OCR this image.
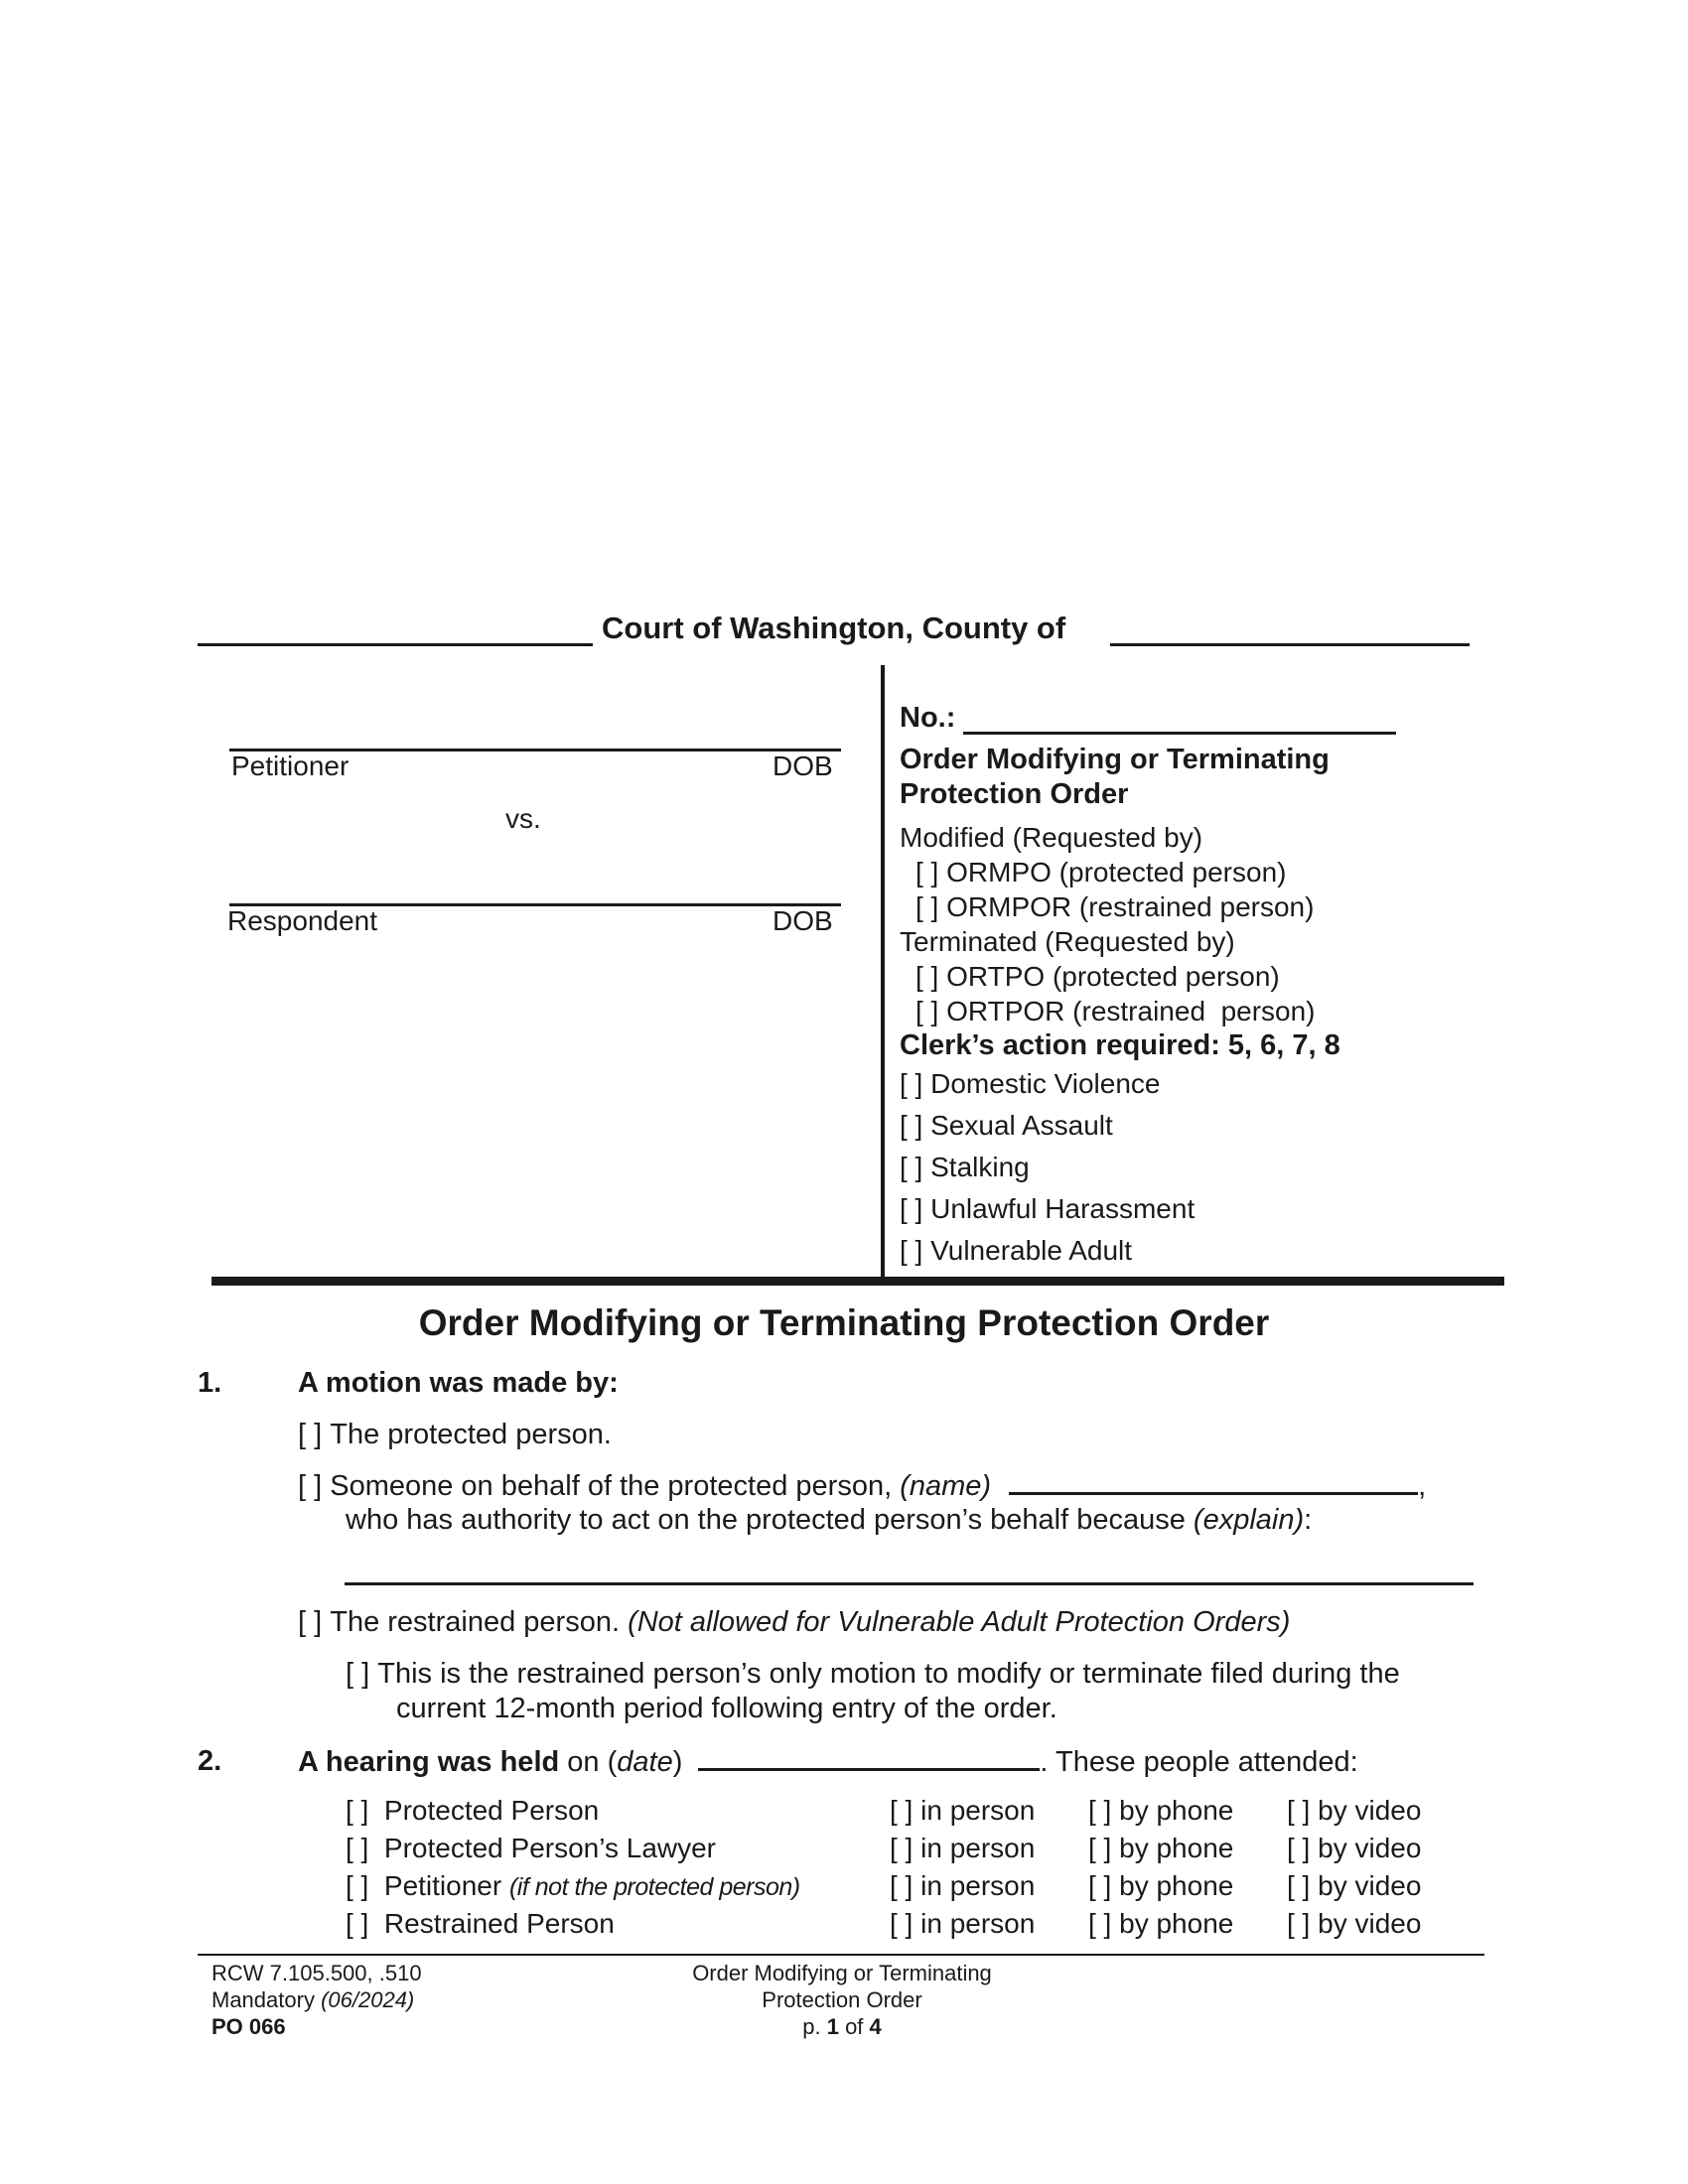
Court of Washington, County of
Petitioner	DOB
vs.
Respondent	DOB
No.:
Order Modifying or Terminating
Protection Order
Modified (Requested by)
[ ] ORMPO (protected person)
[ ] ORMPOR (restrained person)
Terminated (Requested by)
[ ] ORTPO (protected person)
[ ] ORTPOR (restrained  person)
Clerk’s action required: 5, 6, 7, 8
[ ] Domestic Violence
[ ] Sexual Assault
[ ] Stalking
[ ] Unlawful Harassment
[ ] Vulnerable Adult
Order Modifying or Terminating Protection Order
1.	A motion was made by:
[ ]
The protected person.
[ ]
Someone on behalf of the protected person,
(name)	,
who has authority to act on the protected person’s behalf because
(explain) :
[ ]
The restrained person.
(Not allowed for Vulnerable Adult Protection Orders)
[ ]
This is the restrained person’s only motion to modify or terminate filed during the
current 12-month period following entry of the order.
2.	A hearing was held
on ( date )	. These people attended:
[ ] Protected Person	[ ] in person [ ] by phone [ ] by video
[ ] Protected Person’s Lawyer	[ ] in person [ ] by phone [ ] by video
[ ] Petitioner (if not the protected person)	[ ] in person [ ] by phone [ ] by video
[ ] Restrained Person	[ ] in person [ ] by phone [ ] by video
RCW 7.105.500, .510
Mandatory (06/2024)
PO 066
Order Modifying or Terminating
Protection Order
p. 1 of 4
